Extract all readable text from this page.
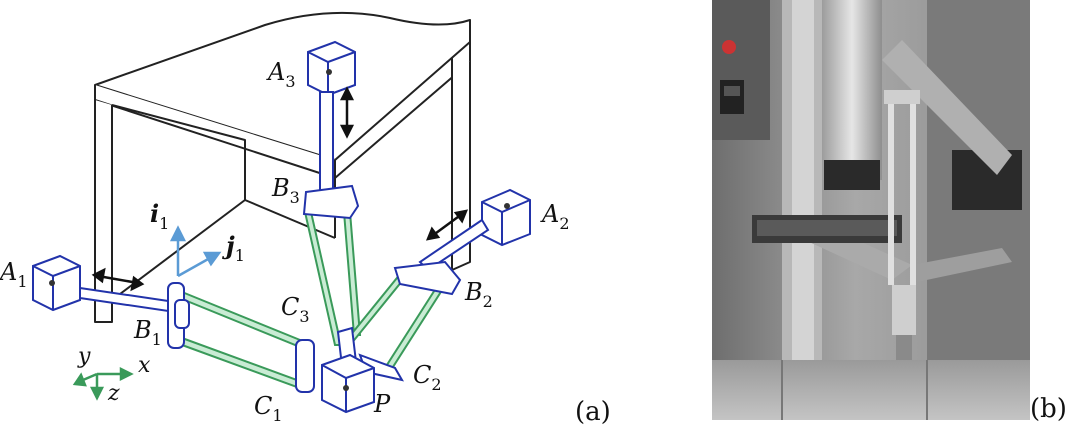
$A_1$
$A_2$
$A_3$
$B_1$
$B_2$
$B_3$
$C_1$
$C_2$
$C_3$
P
$i_1$
$j_1$
x
y
z
(a)	(b)
